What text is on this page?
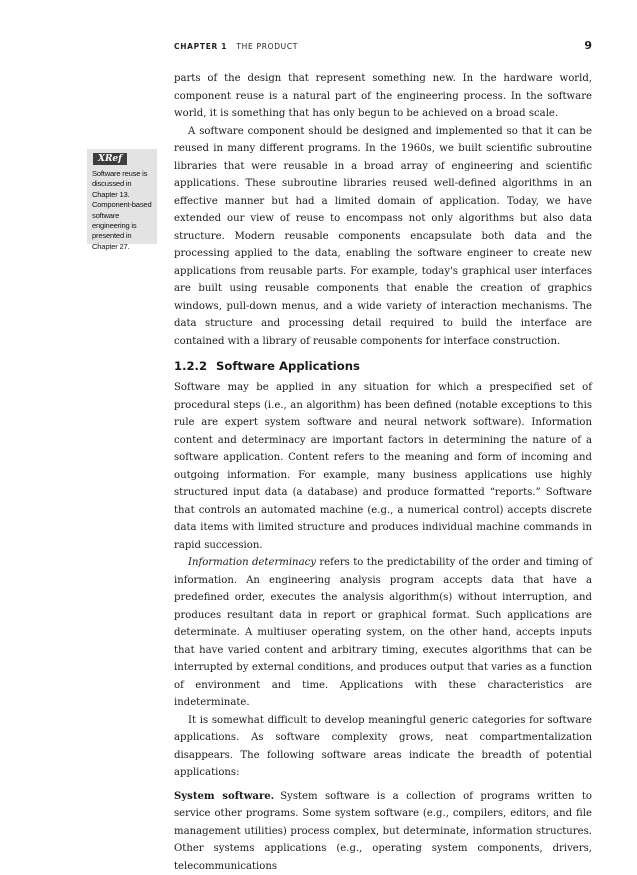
CHAPTER 1 THE PRODUCT	9
XRef
Software reuse is discussed in Chapter 13. Component-based software engineering is presented in Chapter 27.

parts of the design that represent something new. In the hardware world, component reuse is a natural part of the engineering process. In the software world, it is something that has only begun to be achieved on a broad scale.

A software component should be designed and implemented so that it can be reused in many different programs. In the 1960s, we built scientific subroutine libraries that were reusable in a broad array of engineering and scientific applications. These subroutine libraries reused well-defined algorithms in an effective manner but had a limited domain of application. Today, we have extended our view of reuse to encompass not only algorithms but also data structure. Modern reusable components encapsulate both data and the processing applied to the data, enabling the software engineer to create new applications from reusable parts. For example, today's graphical user interfaces are built using reusable components that enable the creation of graphics windows, pull-down menus, and a wide variety of interaction mechanisms. The data structure and processing detail required to build the interface are contained with a library of reusable components for interface construction.

1.2.2 Software Applications

Software may be applied in any situation for which a prespecified set of procedural steps (i.e., an algorithm) has been defined (notable exceptions to this rule are expert system software and neural network software). Information content and determinacy are important factors in determining the nature of a software application. Content refers to the meaning and form of incoming and outgoing information. For example, many business applications use highly structured input data (a database) and produce formatted “reports.” Software that controls an automated machine (e.g., a numerical control) accepts discrete data items with limited structure and produces individual machine commands in rapid succession.

Information determinacy refers to the predictability of the order and timing of information. An engineering analysis program accepts data that have a predefined order, executes the analysis algorithm(s) without interruption, and produces resultant data in report or graphical format. Such applications are determinate. A multiuser operating system, on the other hand, accepts inputs that have varied content and arbitrary timing, executes algorithms that can be interrupted by external conditions, and produces output that varies as a function of environment and time. Applications with these characteristics are indeterminate.

It is somewhat difficult to develop meaningful generic categories for software applications. As software complexity grows, neat compartmentalization disappears. The following software areas indicate the breadth of potential applications:

System software. System software is a collection of programs written to service other programs. Some system software (e.g., compilers, editors, and file management utilities) process complex, but determinate, information structures. Other systems applications (e.g., operating system components, drivers, telecommunications
